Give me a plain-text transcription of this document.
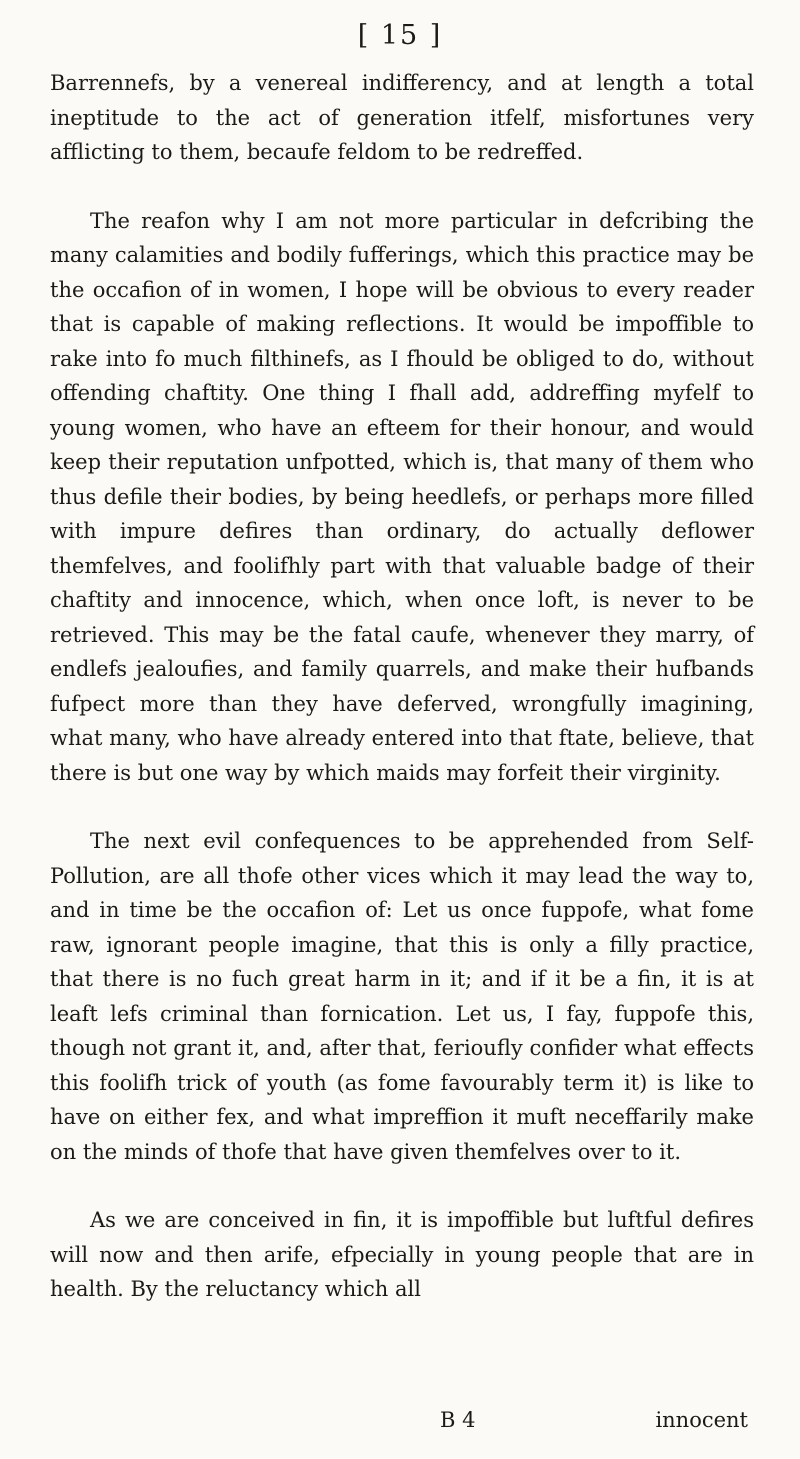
[ 15 ]

Barrennefs, by a venereal indifferency, and at length a total ineptitude to the act of generation itfelf, misfortunes very afflicting to them, becaufe feldom to be redreffed.

The reafon why I am not more particular in defcribing the many calamities and bodily fufferings, which this practice may be the occafion of in women, I hope will be obvious to every reader that is capable of making reflections. It would be impoffible to rake into fo much filthinefs, as I fhould be obliged to do, without offending chaftity. One thing I fhall add, addreffing myfelf to young women, who have an efteem for their honour, and would keep their reputation unfpotted, which is, that many of them who thus defile their bodies, by being heedlefs, or perhaps more filled with impure defires than ordinary, do actually deflower themfelves, and foolifhly part with that valuable badge of their chaftity and innocence, which, when once loft, is never to be retrieved. This may be the fatal caufe, whenever they marry, of endlefs jealoufies, and family quarrels, and make their hufbands fufpect more than they have deferved, wrongfully imagining, what many, who have already entered into that ftate, believe, that there is but one way by which maids may forfeit their virginity.

The next evil confequences to be apprehended from Self-Pollution, are all thofe other vices which it may lead the way to, and in time be the occafion of: Let us once fuppofe, what fome raw, ignorant people imagine, that this is only a filly practice, that there is no fuch great harm in it; and if it be a fin, it is at leaft lefs criminal than fornication. Let us, I fay, fuppofe this, though not grant it, and, after that, ferioufly confider what effects this foolifh trick of youth (as fome favourably term it) is like to have on either fex, and what impreffion it muft neceffarily make on the minds of thofe that have given themfelves over to it.

As we are conceived in fin, it is impoffible but luftful defires will now and then arife, efpecially in young people that are in health. By the reluctancy which all

B 4	innocent
